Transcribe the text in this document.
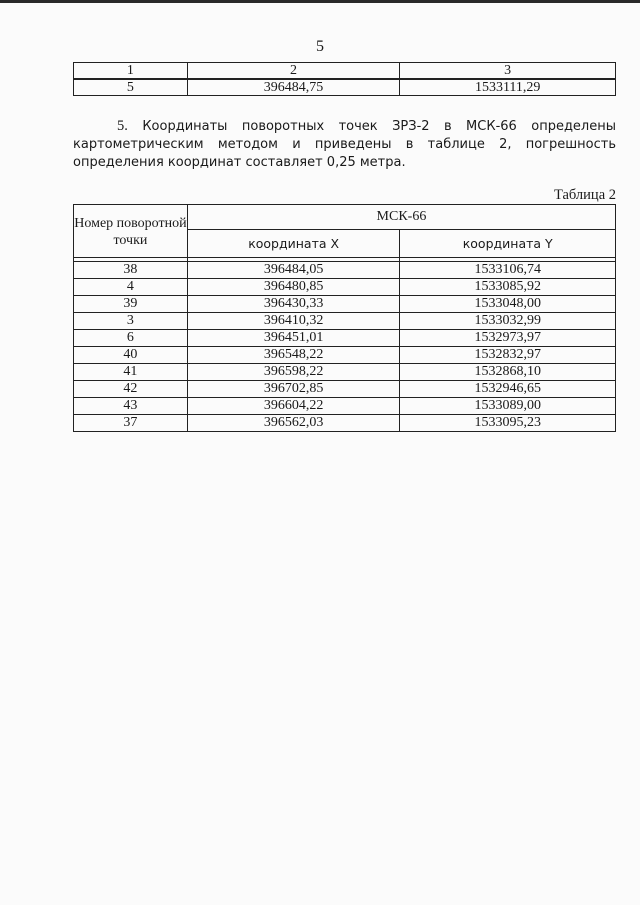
5
1	2	3
5	396484,75	1533111,29
5. Координаты поворотных точек ЗРЗ-2 в МСК-66 определены картометрическим методом и приведены в таблице 2, погрешность определения координат составляет 0,25 метра.
Таблица 2
Номер поворотной точки	МСК-66	
	координата X	координата Y

38	396484,05	1533106,74
4	396480,85	1533085,92
39	396430,33	1533048,00
3	396410,32	1533032,99
6	396451,01	1532973,97
40	396548,22	1532832,97
41	396598,22	1532868,10
42	396702,85	1532946,65
43	396604,22	1533089,00
37	396562,03	1533095,23
